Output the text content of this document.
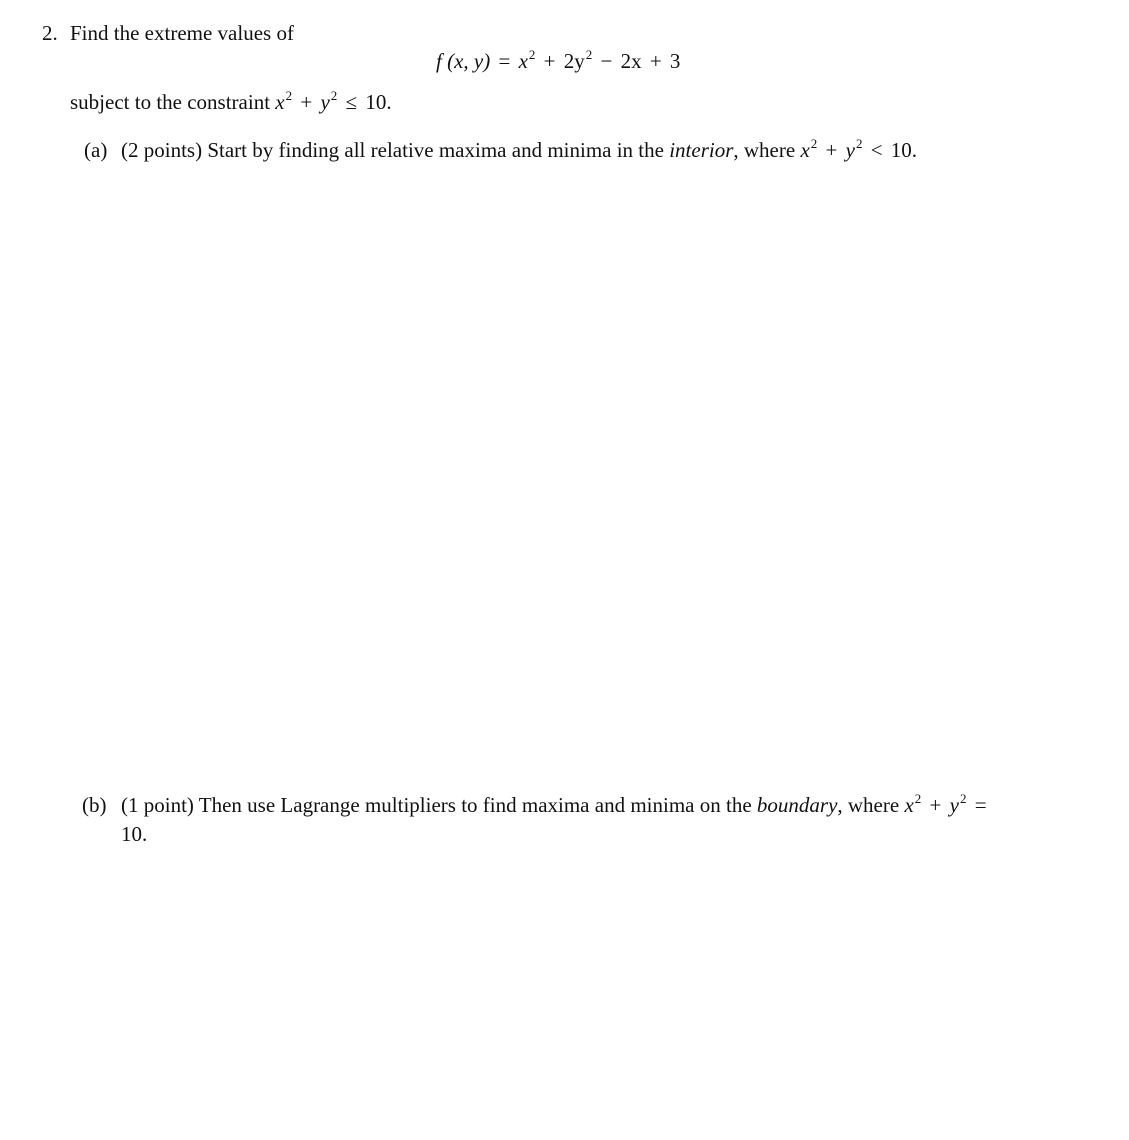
2. Find the extreme values of
f (x, $y) = x^2 + 2y^2 - 2x + 3$
subject to the constraint $x^2 + y^2 \le 10$.
(a) (2 points) Start by finding all relative maxima and minima in the interior, where $x^2 + y^2 < 10$.
(b) (1 point) Then use Lagrange multipliers to find maxima and minima on the boundary, where $x^2 + y^2$ =
10.
